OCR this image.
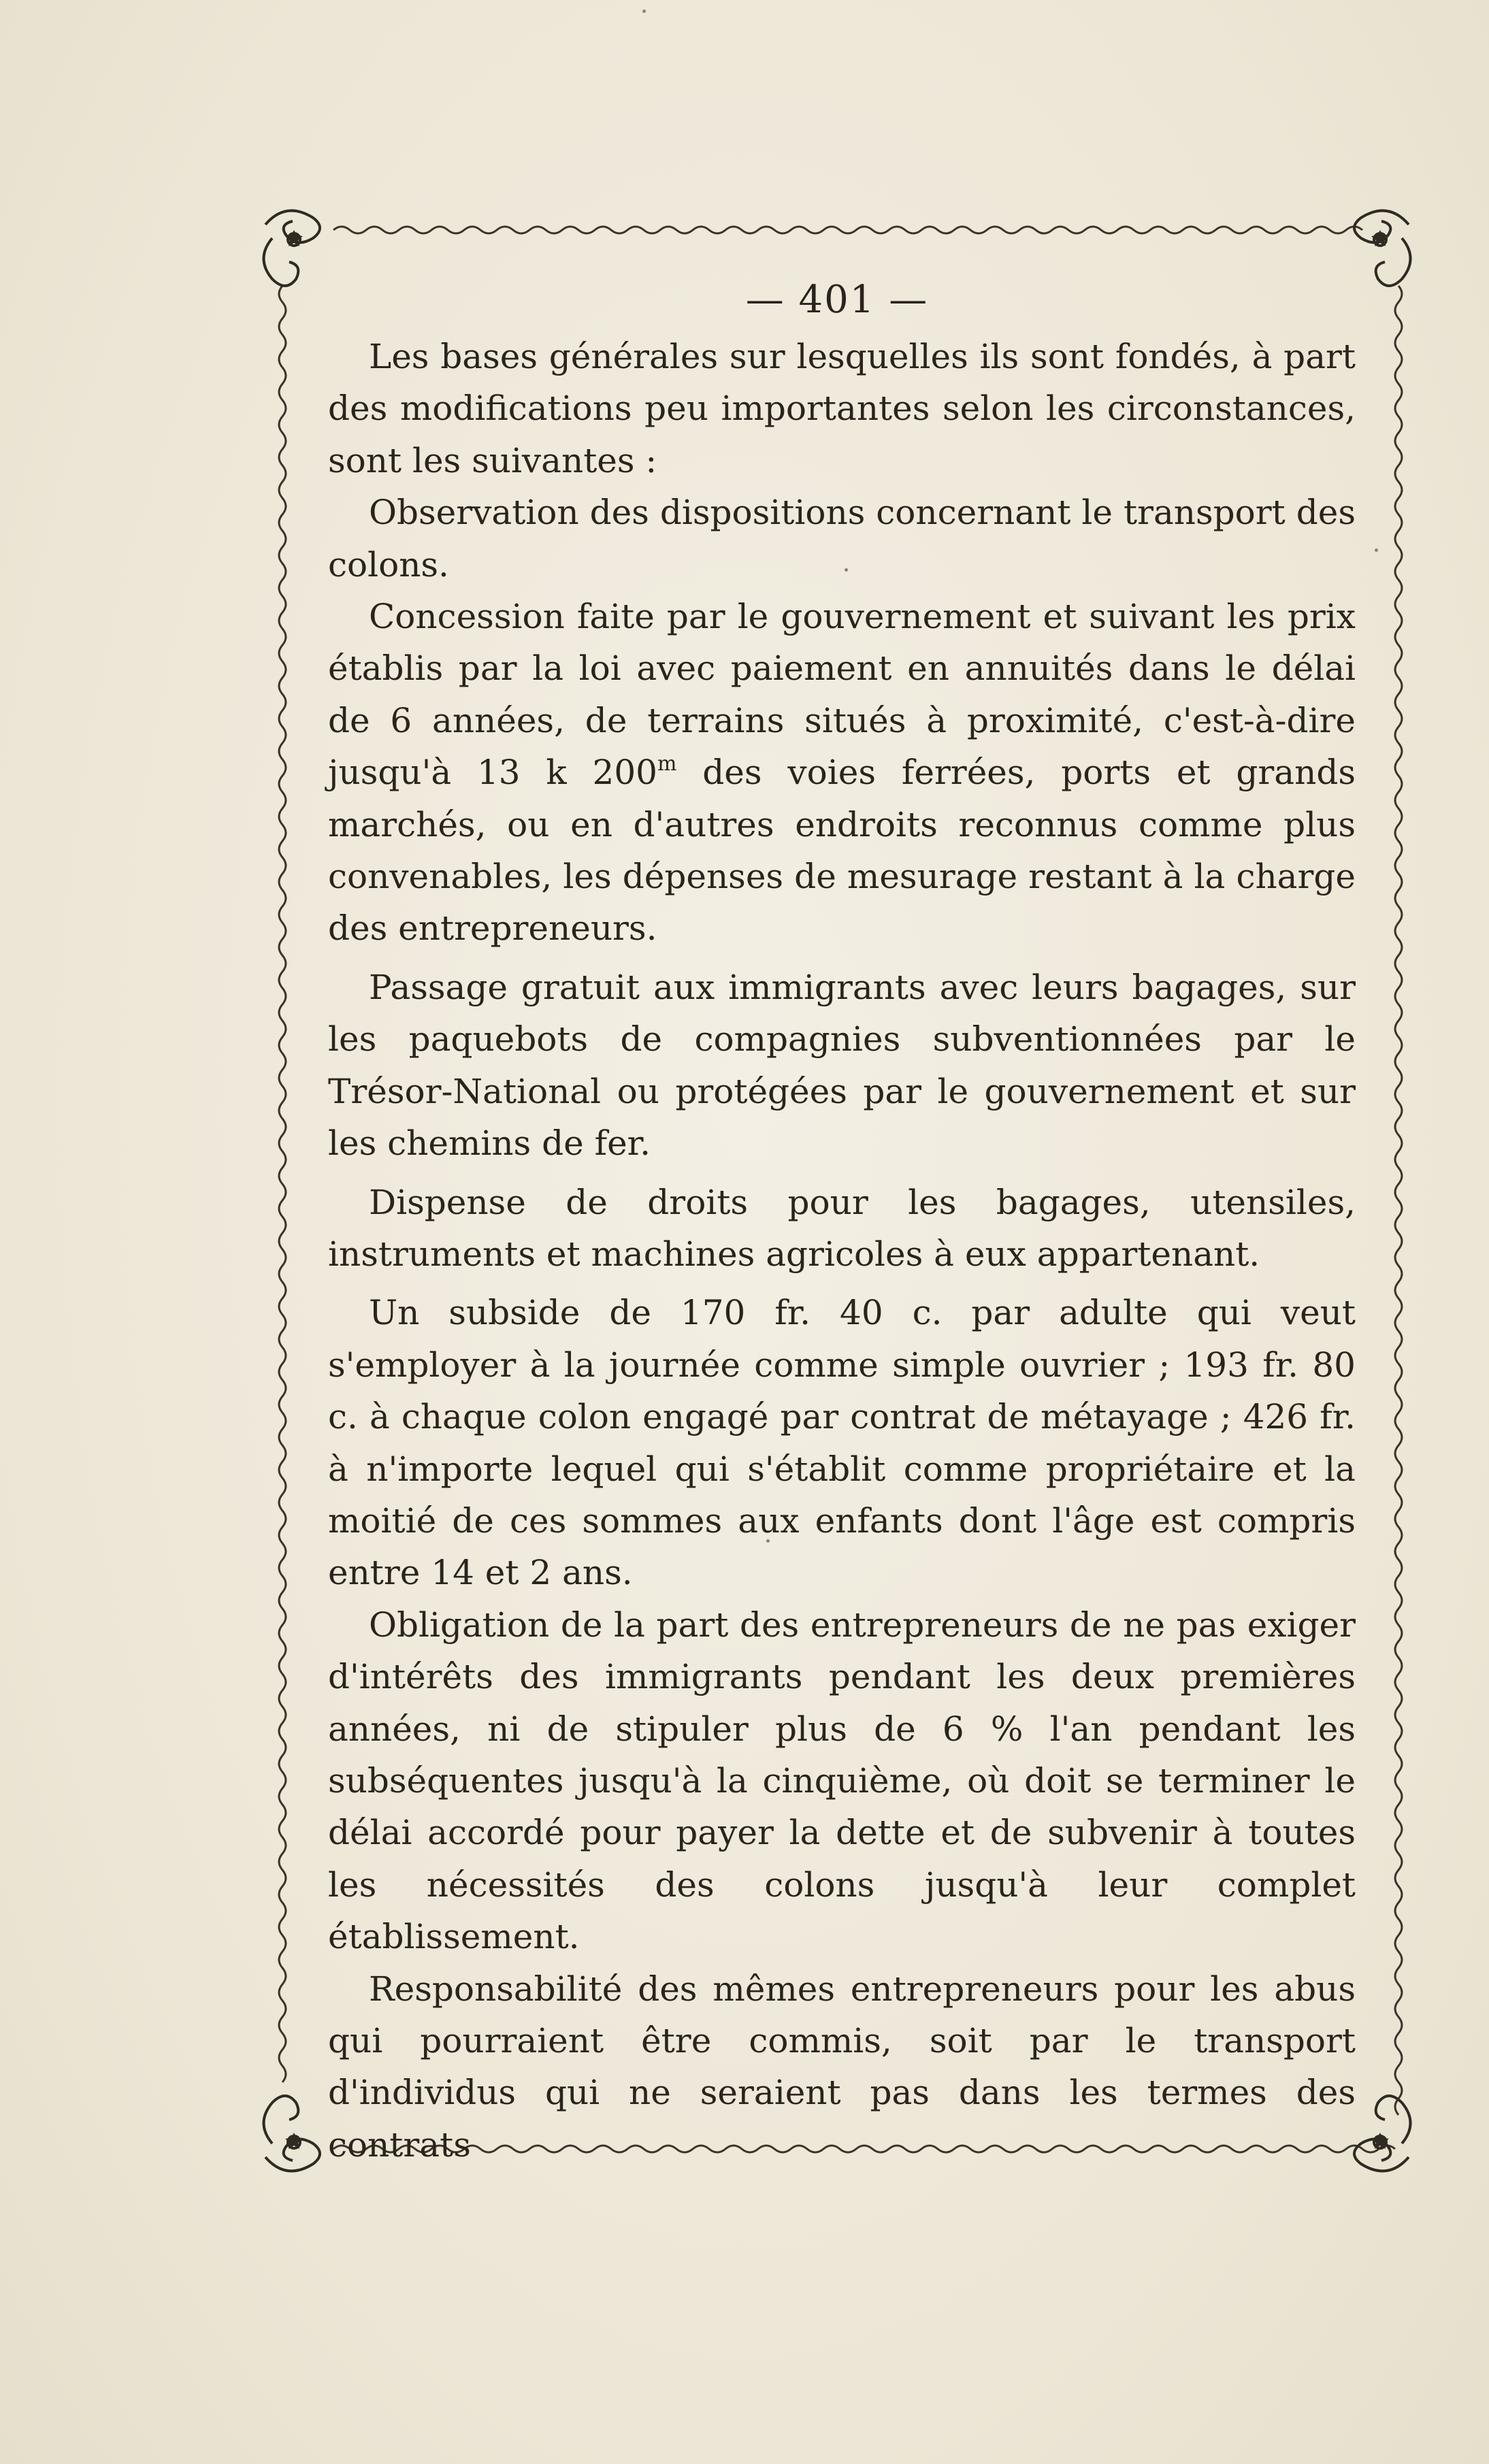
— 401 —

Les bases générales sur lesquelles ils sont fondés, à part des modifications peu importantes selon les circonstances, sont les suivantes :

Observation des dispositions concernant le transport des colons.

Concession faite par le gouvernement et suivant les prix établis par la loi avec paiement en annuités dans le délai de 6 années, de terrains situés à proximité, c'est-à-dire jusqu'à 13 k 200$^m$ des voies ferrées, ports et grands marchés, ou en d'autres endroits reconnus comme plus convenables, les dépenses de mesurage restant à la charge des entrepreneurs.

Passage gratuit aux immigrants avec leurs bagages, sur les paquebots de compagnies subventionnées par le Trésor-National ou protégées par le gouvernement et sur les chemins de fer.

Dispense de droits pour les bagages, utensiles, instruments et machines agricoles à eux appartenant.

Un subside de 170 fr. 40 c. par adulte qui veut s'employer à la journée comme simple ouvrier ; 193 fr. 80 c. à chaque colon engagé par contrat de métayage ; 426 fr. à n'importe lequel qui s'établit comme propriétaire et la moitié de ces sommes aux enfants dont l'âge est compris entre 14 et 2 ans.

Obligation de la part des entrepreneurs de ne pas exiger d'intérêts des immigrants pendant les deux premières années, ni de stipuler plus de 6 % l'an pendant les subséquentes jusqu'à la cinquième, où doit se terminer le délai accordé pour payer la dette et de subvenir à toutes les nécessités des colons jusqu'à leur complet établissement.

Responsabilité des mêmes entrepreneurs pour les abus qui pourraient être commis, soit par le transport d'individus qui ne seraient pas dans les termes des contrats
